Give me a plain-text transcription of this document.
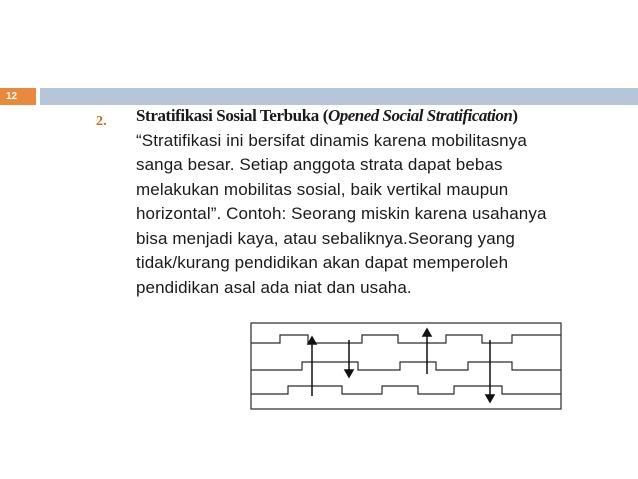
12
2. Stratifikasi Sosial Terbuka (Opened Social Stratification) “Stratifikasi ini bersifat dinamis karena mobilitasnya sanga besar. Setiap anggota strata dapat bebas melakukan mobilitas sosial, baik vertikal maupun horizontal”. Contoh: Seorang miskin karena usahanya bisa menjadi kaya, atau sebaliknya.Seorang yang tidak/kurang pendidikan akan dapat memperoleh pendidikan asal ada niat dan usaha.
